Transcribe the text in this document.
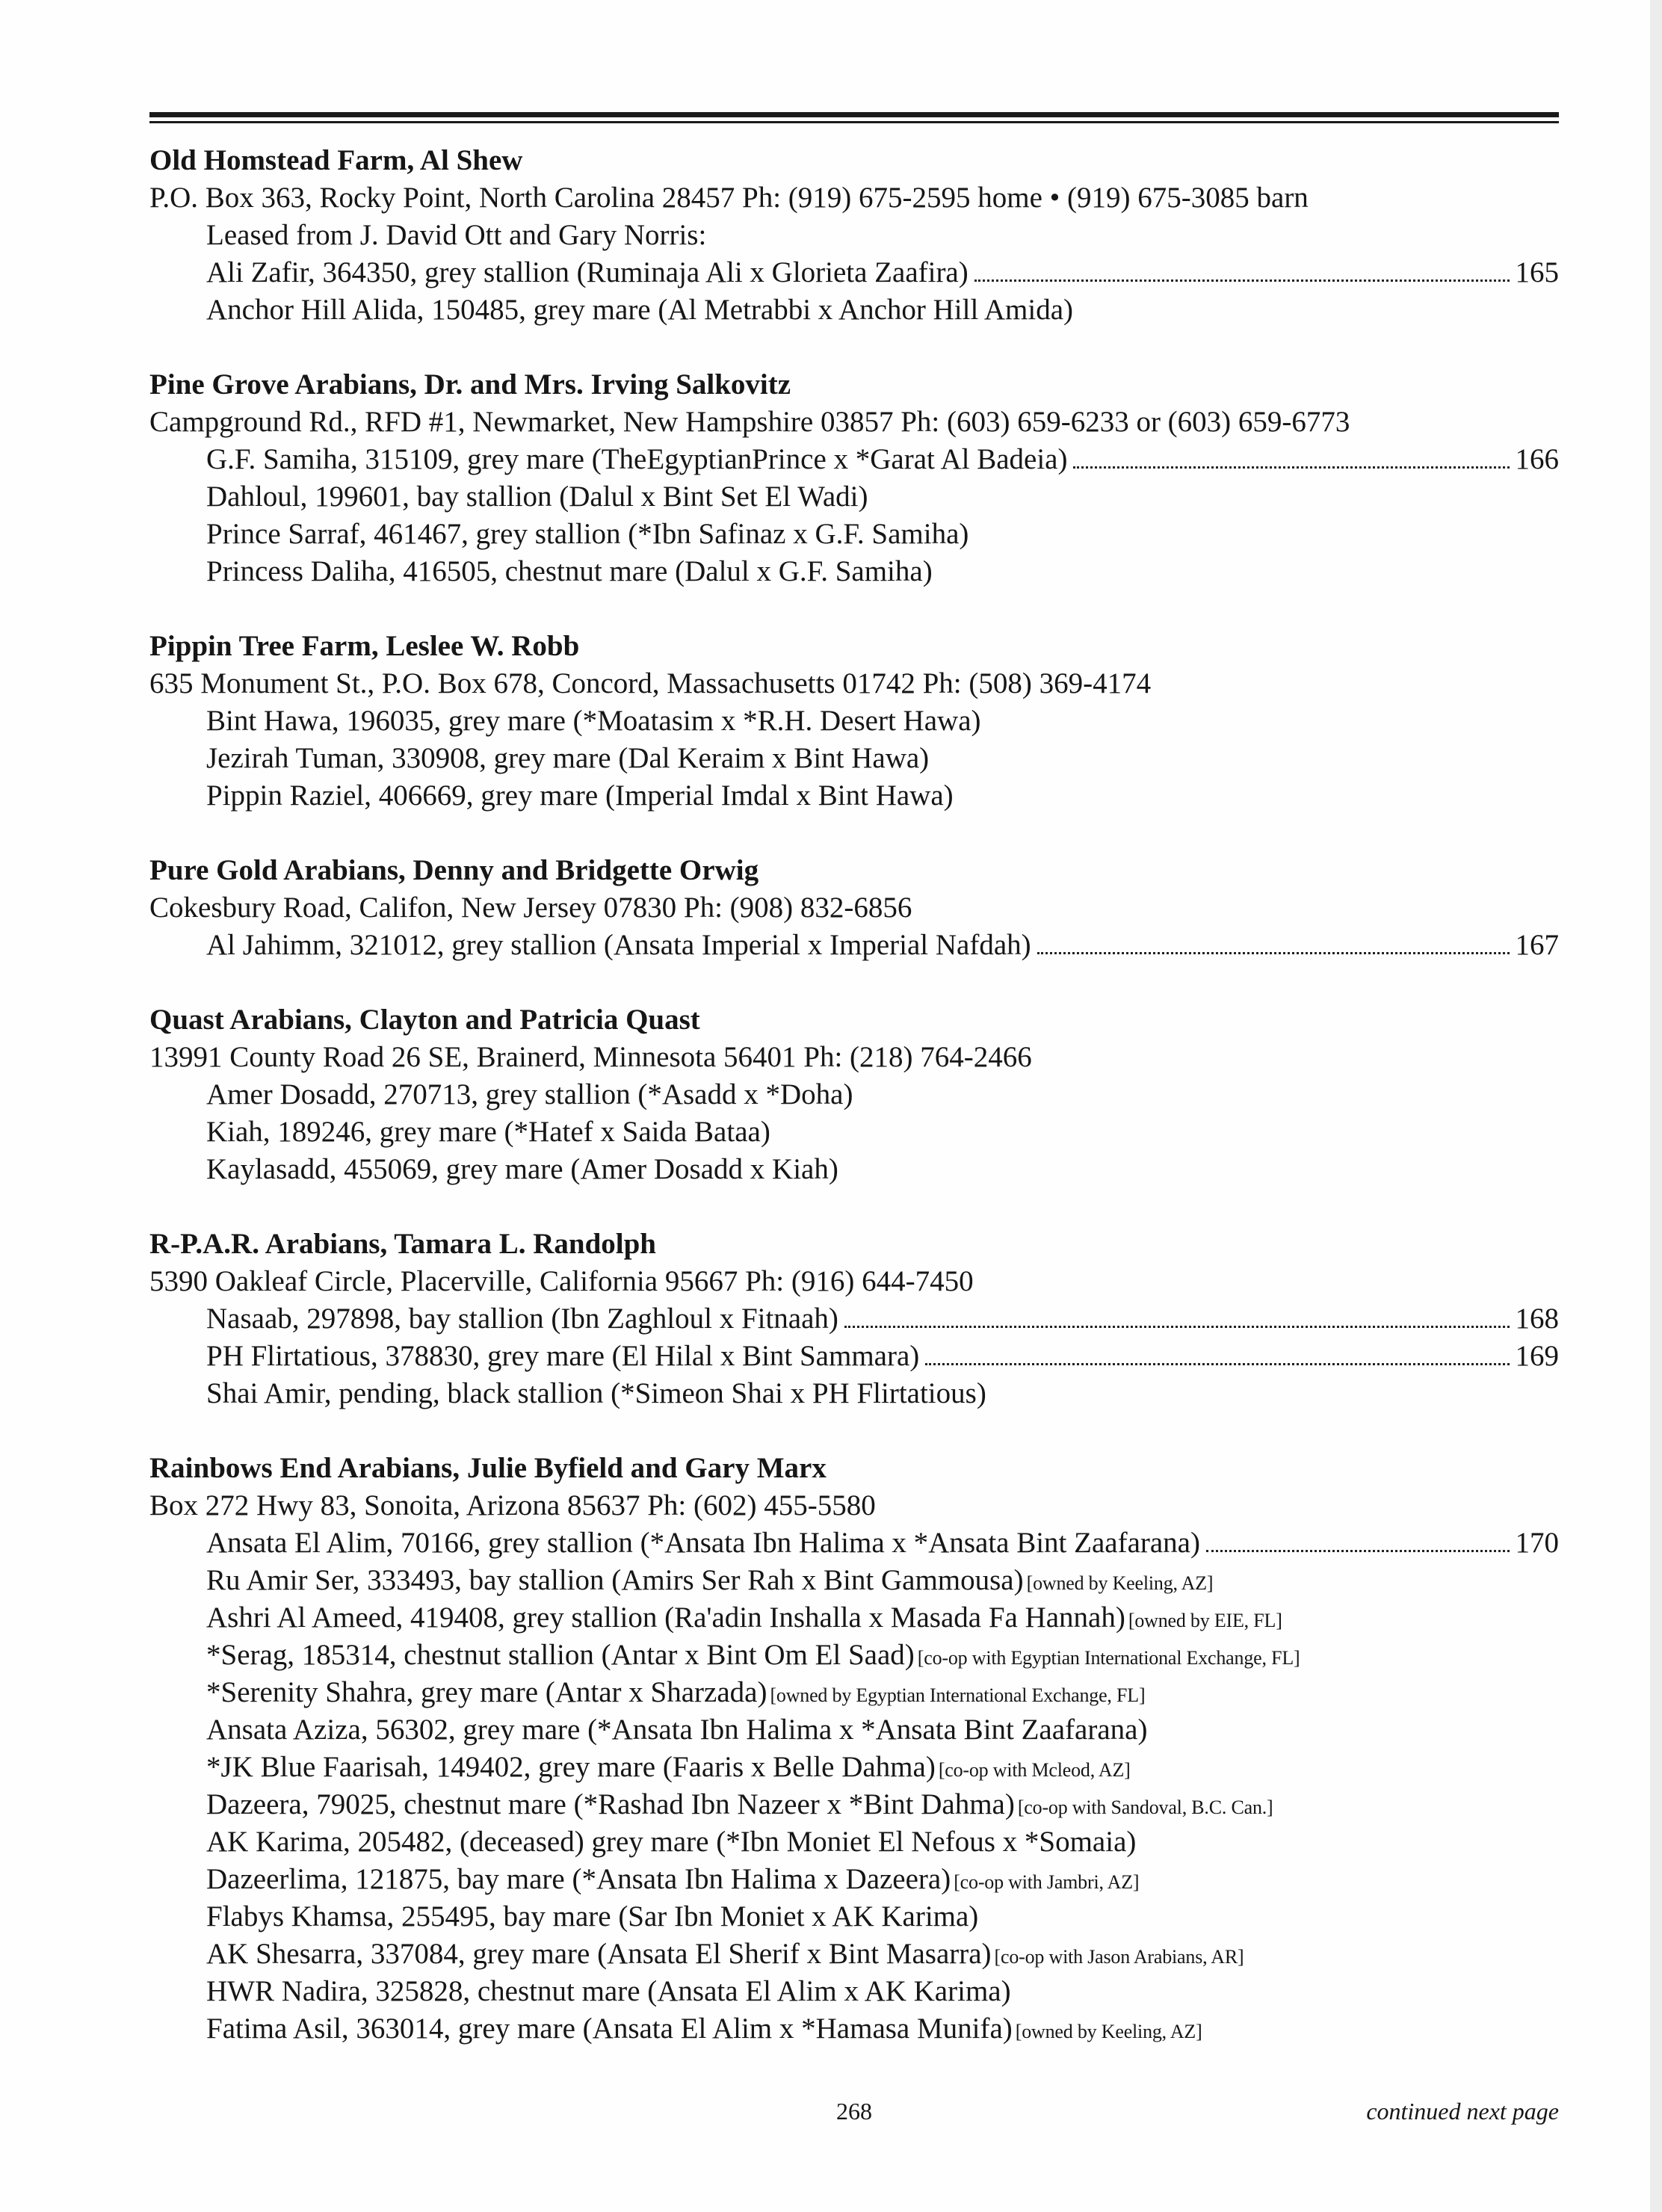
Old Homstead Farm, Al Shew
P.O. Box 363, Rocky Point, North Carolina 28457 Ph: (919) 675-2595 home • (919) 675-3085 barn
Leased from J. David Ott and Gary Norris:
Ali Zafir, 364350, grey stallion (Ruminaja Ali x Glorieta Zaafira)	165
Anchor Hill Alida, 150485, grey mare (Al Metrabbi x Anchor Hill Amida)
Pine Grove Arabians, Dr. and Mrs. Irving Salkovitz
Campground Rd., RFD #1, Newmarket, New Hampshire 03857 Ph: (603) 659-6233 or (603) 659-6773
G.F. Samiha, 315109, grey mare (TheEgyptianPrince x *Garat Al Badeia)	166
Dahloul, 199601, bay stallion (Dalul x Bint Set El Wadi)
Prince Sarraf, 461467, grey stallion (*Ibn Safinaz x G.F. Samiha)
Princess Daliha, 416505, chestnut mare (Dalul x G.F. Samiha)
Pippin Tree Farm, Leslee W. Robb
635 Monument St., P.O. Box 678, Concord, Massachusetts 01742 Ph: (508) 369-4174
Bint Hawa, 196035, grey mare (*Moatasim x *R.H. Desert Hawa)
Jezirah Tuman, 330908, grey mare (Dal Keraim x Bint Hawa)
Pippin Raziel, 406669, grey mare (Imperial Imdal x Bint Hawa)
Pure Gold Arabians, Denny and Bridgette Orwig
Cokesbury Road, Califon, New Jersey 07830 Ph: (908) 832-6856
Al Jahimm, 321012, grey stallion (Ansata Imperial x Imperial Nafdah)	167
Quast Arabians, Clayton and Patricia Quast
13991 County Road 26 SE, Brainerd, Minnesota 56401 Ph: (218) 764-2466
Amer Dosadd, 270713, grey stallion (*Asadd x *Doha)
Kiah, 189246, grey mare (*Hatef x Saida Bataa)
Kaylasadd, 455069, grey mare (Amer Dosadd x Kiah)
R-P.A.R. Arabians, Tamara L. Randolph
5390 Oakleaf Circle, Placerville, California 95667 Ph: (916) 644-7450
Nasaab, 297898, bay stallion (Ibn Zaghloul x Fitnaah)	168
PH Flirtatious, 378830, grey mare (El Hilal x Bint Sammara)	169
Shai Amir, pending, black stallion (*Simeon Shai x PH Flirtatious)
Rainbows End Arabians, Julie Byfield and Gary Marx
Box 272 Hwy 83, Sonoita, Arizona 85637 Ph: (602) 455-5580
Ansata El Alim, 70166, grey stallion (*Ansata Ibn Halima x *Ansata Bint Zaafarana)	170
Ru Amir Ser, 333493, bay stallion (Amirs Ser Rah x Bint Gammousa) [owned by Keeling, AZ]
Ashri Al Ameed, 419408, grey stallion (Ra'adin Inshalla x Masada Fa Hannah) [owned by EIE, FL]
*Serag, 185314, chestnut stallion (Antar x Bint Om El Saad) [co-op with Egyptian International Exchange, FL]
*Serenity Shahra, grey mare (Antar x Sharzada) [owned by Egyptian International Exchange, FL]
Ansata Aziza, 56302, grey mare (*Ansata Ibn Halima x *Ansata Bint Zaafarana)
*JK Blue Faarisah, 149402, grey mare (Faaris x Belle Dahma) [co-op with Mcleod, AZ]
Dazeera, 79025, chestnut mare (*Rashad Ibn Nazeer x *Bint Dahma) [co-op with Sandoval, B.C. Can.]
AK Karima, 205482, (deceased) grey mare (*Ibn Moniet El Nefous x *Somaia)
Dazeerlima, 121875, bay mare (*Ansata Ibn Halima x Dazeera) [co-op with Jambri, AZ]
Flabys Khamsa, 255495, bay mare (Sar Ibn Moniet x AK Karima)
AK Shesarra, 337084, grey mare (Ansata El Sherif x Bint Masarra) [co-op with Jason Arabians, AR]
HWR Nadira, 325828, chestnut mare (Ansata El Alim x AK Karima)
Fatima Asil, 363014, grey mare (Ansata El Alim x *Hamasa Munifa) [owned by Keeling, AZ]
268	continued next page
